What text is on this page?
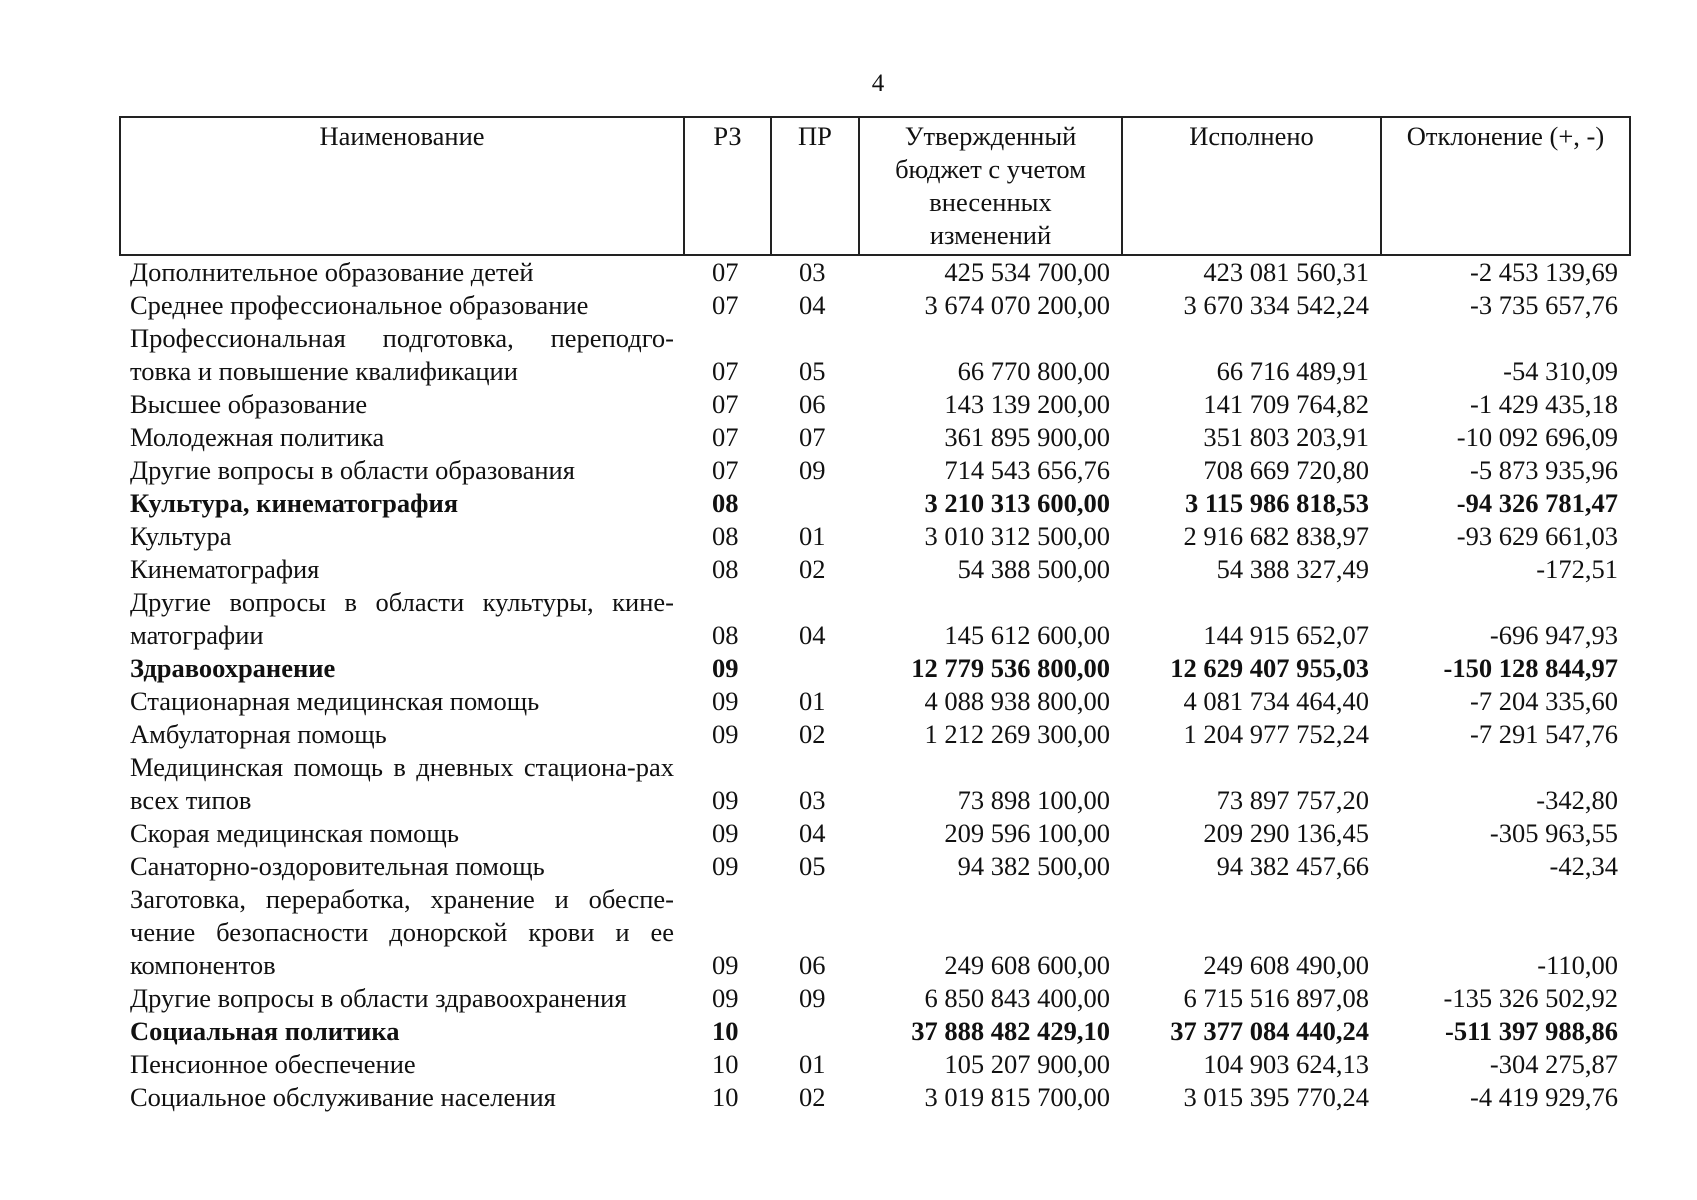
4
Наименование	РЗ	ПР	Утвержденный бюджет с учетом внесенных изменений	Исполнено	Отклонение (+, -)
Дополнительное образование детей	07	03	425 534 700,00	423 081 560,31	-2 453 139,69
Среднее профессиональное образование	07	04	3 674 070 200,00	3 670 334 542,24	-3 735 657,76
Профессиональная подготовка, переподго-товка и повышение квалификации	07	05	66 770 800,00	66 716 489,91	-54 310,09
Высшее образование	07	06	143 139 200,00	141 709 764,82	-1 429 435,18
Молодежная политика	07	07	361 895 900,00	351 803 203,91	-10 092 696,09
Другие вопросы в области образования	07	09	714 543 656,76	708 669 720,80	-5 873 935,96
Культура, кинематография	08		3 210 313 600,00	3 115 986 818,53	-94 326 781,47
Культура	08	01	3 010 312 500,00	2 916 682 838,97	-93 629 661,03
Кинематография	08	02	54 388 500,00	54 388 327,49	-172,51
Другие вопросы в области культуры, кине-матографии	08	04	145 612 600,00	144 915 652,07	-696 947,93
Здравоохранение	09		12 779 536 800,00	12 629 407 955,03	-150 128 844,97
Стационарная медицинская помощь	09	01	4 088 938 800,00	4 081 734 464,40	-7 204 335,60
Амбулаторная помощь	09	02	1 212 269 300,00	1 204 977 752,24	-7 291 547,76
Медицинская помощь в дневных стациона-рах всех типов	09	03	73 898 100,00	73 897 757,20	-342,80
Скорая медицинская помощь	09	04	209 596 100,00	209 290 136,45	-305 963,55
Санаторно-оздоровительная помощь	09	05	94 382 500,00	94 382 457,66	-42,34
Заготовка, переработка, хранение и обеспе-чение безопасности донорской крови и ее компонентов	09	06	249 608 600,00	249 608 490,00	-110,00
Другие вопросы в области здравоохранения	09	09	6 850 843 400,00	6 715 516 897,08	-135 326 502,92
Социальная политика	10		37 888 482 429,10	37 377 084 440,24	-511 397 988,86
Пенсионное обеспечение	10	01	105 207 900,00	104 903 624,13	-304 275,87
Социальное обслуживание населения	10	02	3 019 815 700,00	3 015 395 770,24	-4 419 929,76
